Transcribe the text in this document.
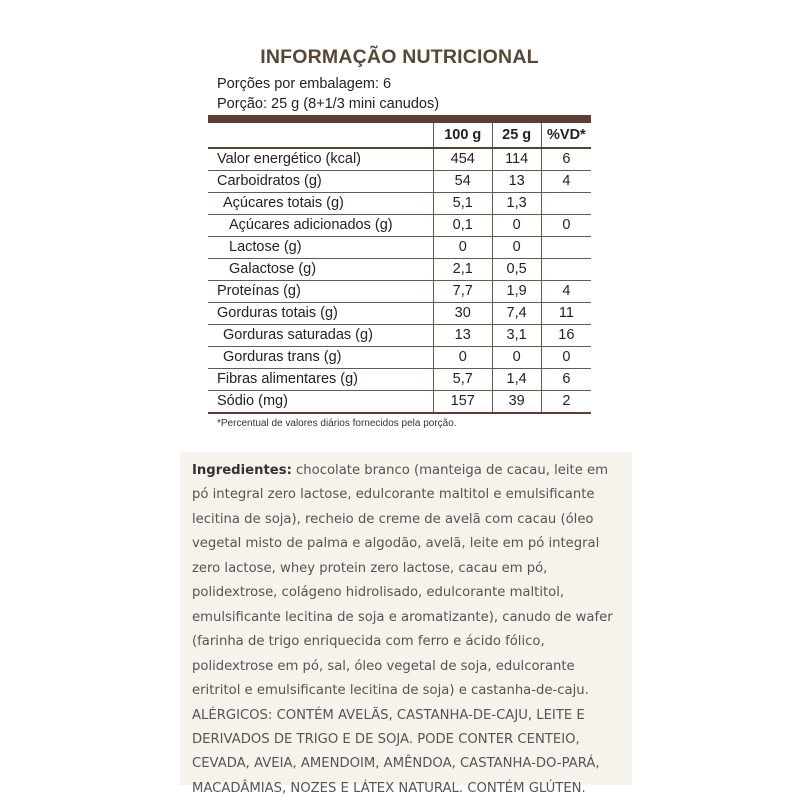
INFORMAÇÃO NUTRICIONAL
Porções por embalagem: 6
Porção: 25 g (8+1/3 mini canudos)
	100 g	25 g	%VD*
Valor energético (kcal)	454	114	6
Carboidratos (g)	54	13	4
Açúcares totais (g)	5,1	1,3	
Açúcares adicionados (g)	0,1	0	0
Lactose (g)	0	0	
Galactose (g)	2,1	0,5	
Proteínas (g)	7,7	1,9	4
Gorduras totais (g)	30	7,4	11
Gorduras saturadas (g)	13	3,1	16
Gorduras trans (g)	0	0	0
Fibras alimentares (g)	5,7	1,4	6
Sódio (mg)	157	39	2
*Percentual de valores diários fornecidos pela porção.
Ingredientes: chocolate branco (manteiga de cacau, leite em pó integral zero lactose, edulcorante maltitol e emulsificante lecitina de soja), recheio de creme de avelã com cacau (óleo vegetal misto de palma e algodão, avelã, leite em pó integral zero lactose, whey protein zero lactose, cacau em pó, polidextrose, colágeno hidrolisado, edulcorante maltitol, emulsificante lecitina de soja e aromatizante), canudo de wafer (farinha de trigo enriquecida com ferro e ácido fólico, polidextrose em pó, sal, óleo vegetal de soja, edulcorante eritritol e emulsificante lecitina de soja) e castanha-de-caju. ALÉRGICOS: CONTÉM AVELÃS, CASTANHA-DE-CAJU, LEITE E DERIVADOS DE TRIGO E DE SOJA. PODE CONTER CENTEIO, CEVADA, AVEIA, AMENDOIM, AMÊNDOA, CASTANHA-DO-PARÁ, MACADÂMIAS, NOZES E LÁTEX NATURAL. CONTÉM GLÚTEN.
